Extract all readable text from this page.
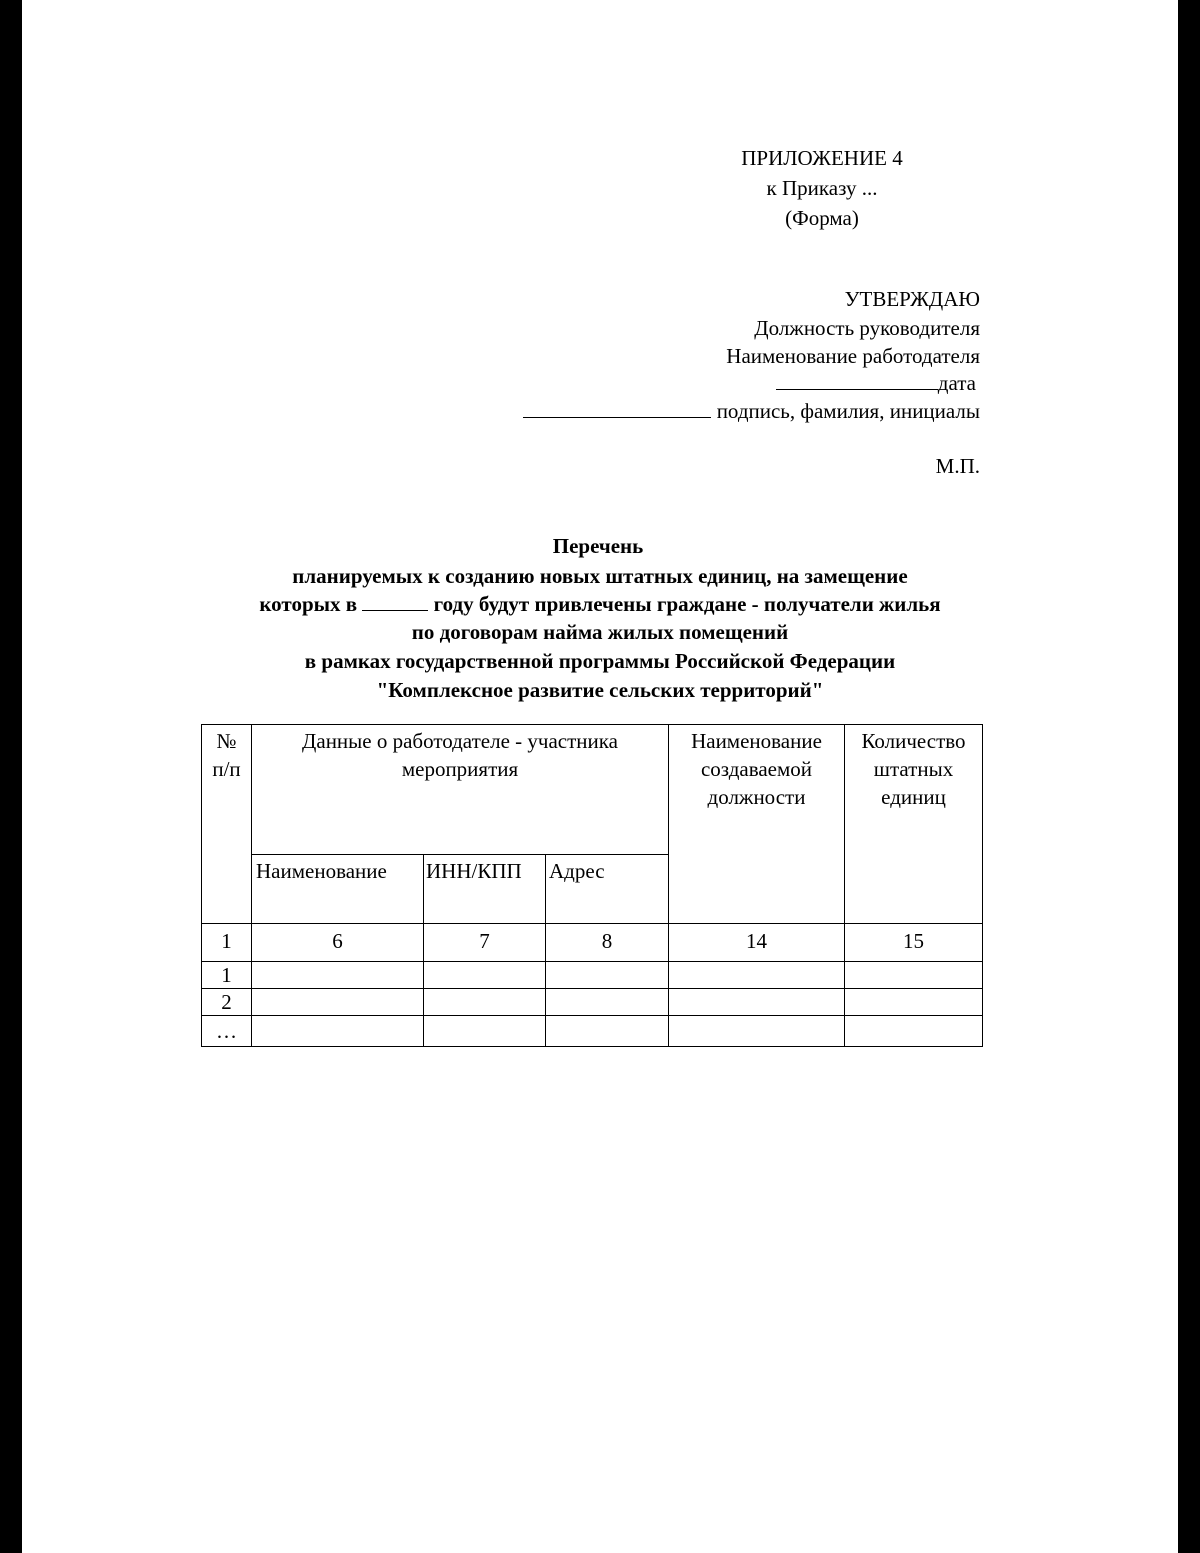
ПРИЛОЖЕНИЕ 4
к Приказу ...
(Форма)
УТВЕРЖДАЮ
Должность руководителя
Наименование работодателя
дата
подпись, фамилия, инициалы
М.П.
Перечень
планируемых к созданию новых штатных единиц, на замещение
которых в	году будут привлечены граждане - получатели жилья
по договорам найма жилых помещений
в рамках государственной программы Российской Федерации
"Комплексное развитие сельских территорий"
№
п/п	Данные о работодателе - участника мероприятия			Наименование создаваемой должности	Количество штатных единиц

	Наименование	ИНН/КПП	Адрес		
1	6	7	8	14	15
1					
2					
…					
